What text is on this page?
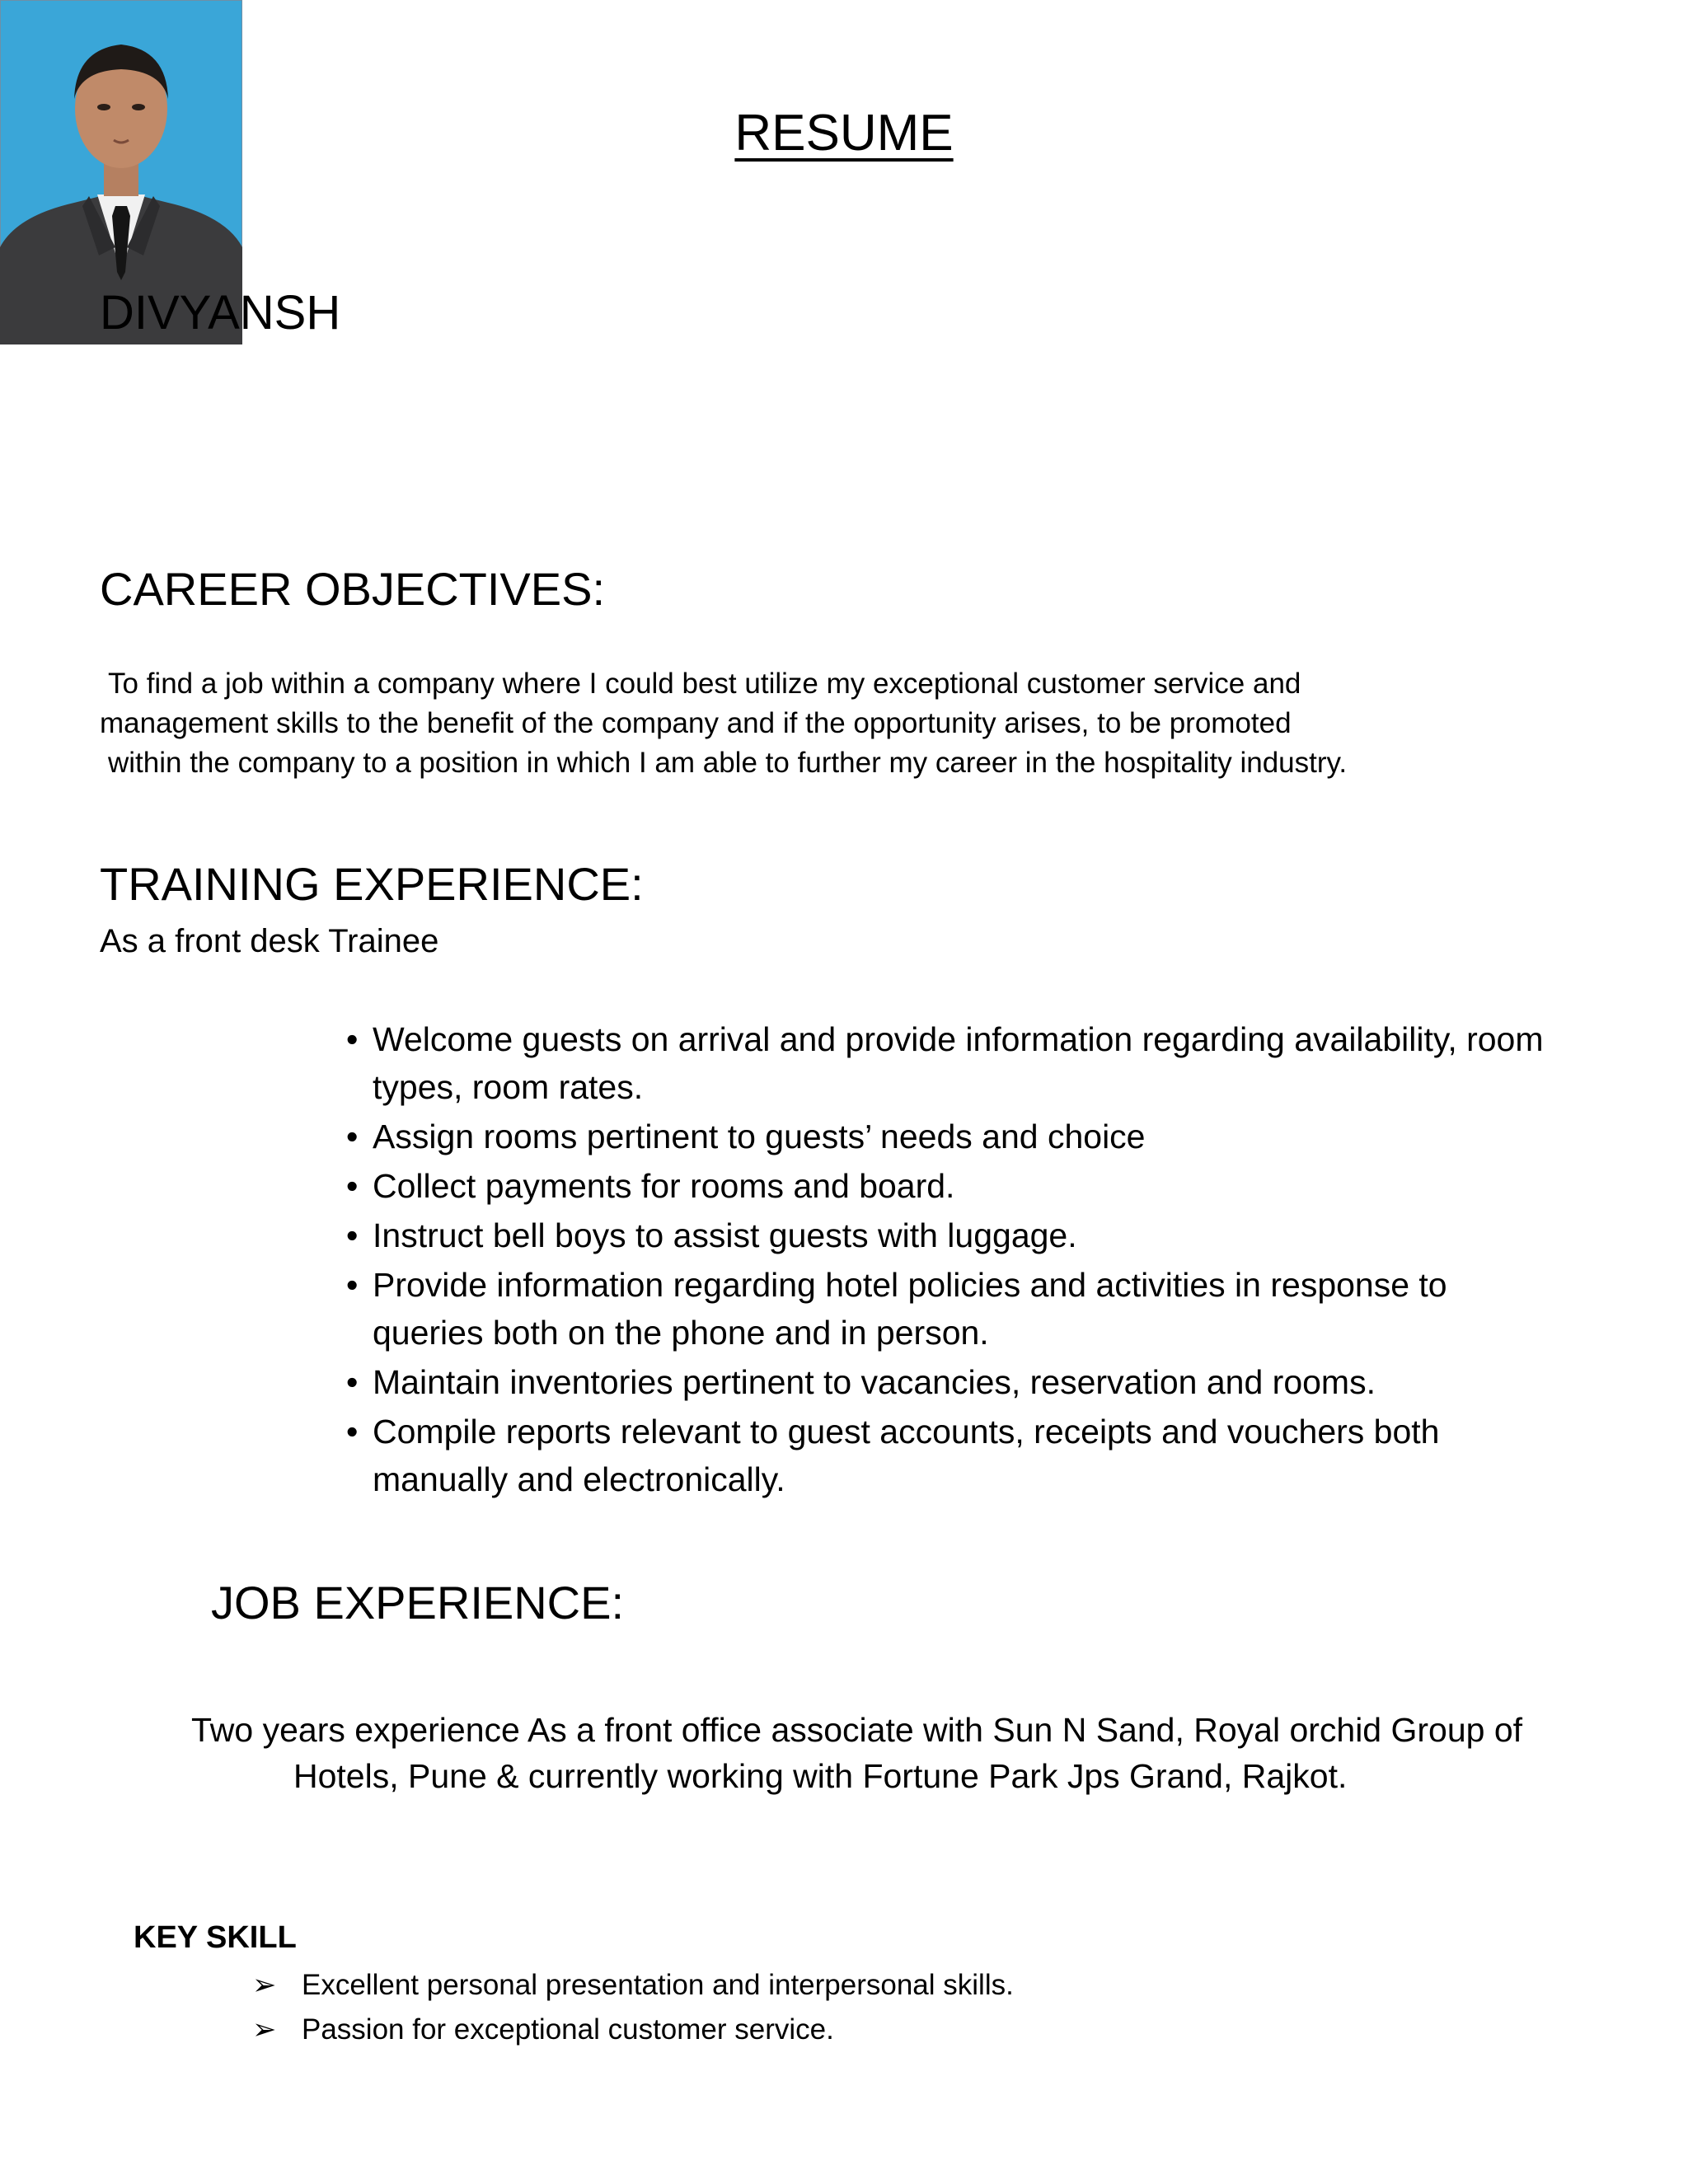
RESUME
DIVYANSH
CAREER OBJECTIVES:
To find a job within a company where I could best utilize my exceptional customer service and
management skills to the benefit of the company and if the opportunity arises, to be promoted
within the company to a position in which I am able to further my career in the hospitality industry.
TRAINING EXPERIENCE:
As a front desk Trainee
• Welcome guests on arrival and provide information regarding availability, room types, room rates.
• Assign rooms pertinent to guests’ needs and choice
• Collect payments for rooms and board.
• Instruct bell boys to assist guests with luggage.
• Provide information regarding hotel policies and activities in response to queries both on the phone and in person.
• Maintain inventories pertinent to vacancies, reservation and rooms.
• Compile reports relevant to guest accounts, receipts and vouchers both manually and electronically.
JOB EXPERIENCE:
Two years experience As a front office associate with Sun N Sand, Royal orchid Group of
Hotels, Pune & currently working with Fortune Park Jps Grand, Rajkot.
KEY SKILL
➢ Excellent personal presentation and interpersonal skills.
➢ Passion for exceptional customer service.
